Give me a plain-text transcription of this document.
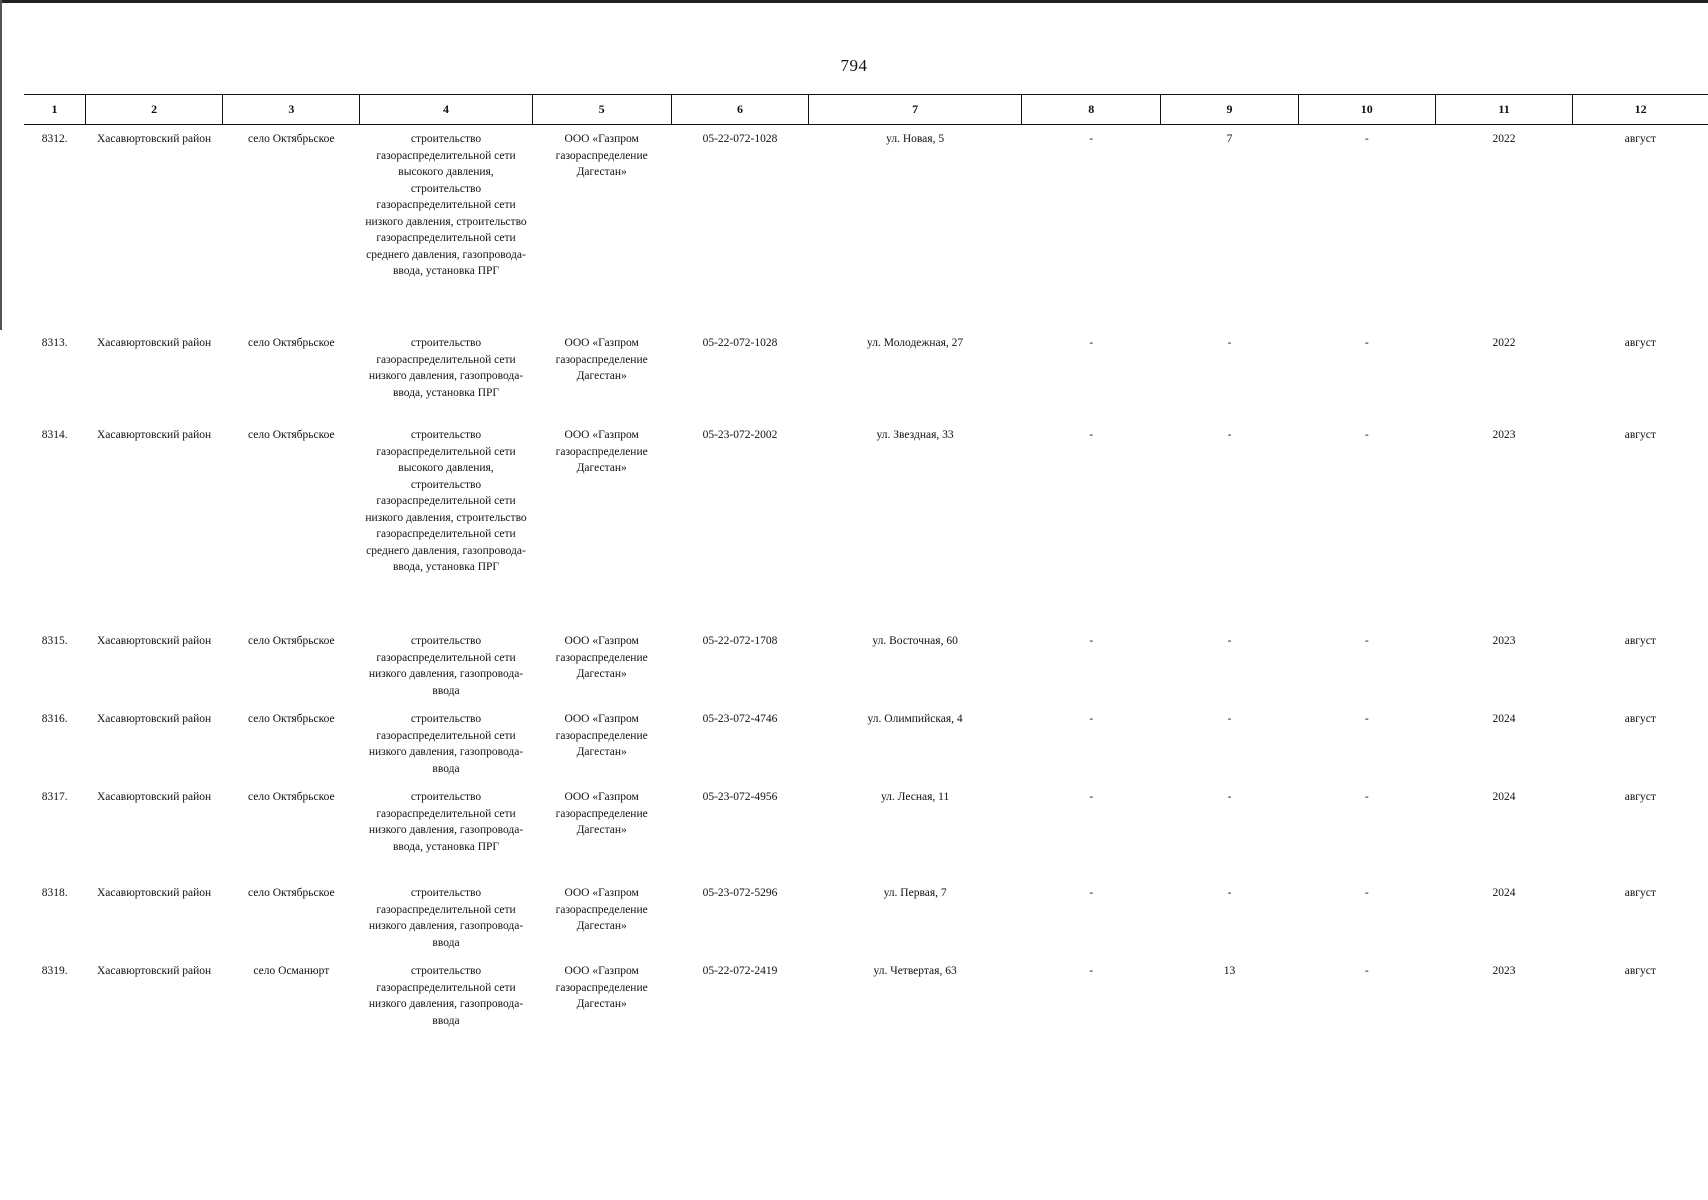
794
1	2	3	4	5	6	7	8	9	10	11	12
8312.	Хасавюртовский район	село Октябрьское	строительство газораспределительной сети высокого давления, строительство газораспределительной сети низкого давления, строительство газораспределительной сети среднего давления, газопровода-ввода, установка ПРГ	ООО «Газпром газораспределение Дагестан»	05-22-072-1028	ул. Новая, 5	-	7	-	2022	август
8313.	Хасавюртовский район	село Октябрьское	строительство газораспределительной сети низкого давления, газопровода-ввода, установка ПРГ	ООО «Газпром газораспределение Дагестан»	05-22-072-1028	ул. Молодежная, 27	-	-	-	2022	август
8314.	Хасавюртовский район	село Октябрьское	строительство газораспределительной сети высокого давления, строительство газораспределительной сети низкого давления, строительство газораспределительной сети среднего давления, газопровода-ввода, установка ПРГ	ООО «Газпром газораспределение Дагестан»	05-23-072-2002	ул. Звездная, 33	-	-	-	2023	август
8315.	Хасавюртовский район	село Октябрьское	строительство газораспределительной сети низкого давления, газопровода-ввода	ООО «Газпром газораспределение Дагестан»	05-22-072-1708	ул. Восточная, 60	-	-	-	2023	август
8316.	Хасавюртовский район	село Октябрьское	строительство газораспределительной сети низкого давления, газопровода-ввода	ООО «Газпром газораспределение Дагестан»	05-23-072-4746	ул. Олимпийская, 4	-	-	-	2024	август
8317.	Хасавюртовский район	село Октябрьское	строительство газораспределительной сети низкого давления, газопровода-ввода, установка ПРГ	ООО «Газпром газораспределение Дагестан»	05-23-072-4956	ул. Лесная, 11	-	-	-	2024	август
8318.	Хасавюртовский район	село Октябрьское	строительство газораспределительной сети низкого давления, газопровода-ввода	ООО «Газпром газораспределение Дагестан»	05-23-072-5296	ул. Первая, 7	-	-	-	2024	август
8319.	Хасавюртовский район	село Османюрт	строительство газораспределительной сети низкого давления, газопровода-ввода	ООО «Газпром газораспределение Дагестан»	05-22-072-2419	ул. Четвертая, 63	-	13	-	2023	август
